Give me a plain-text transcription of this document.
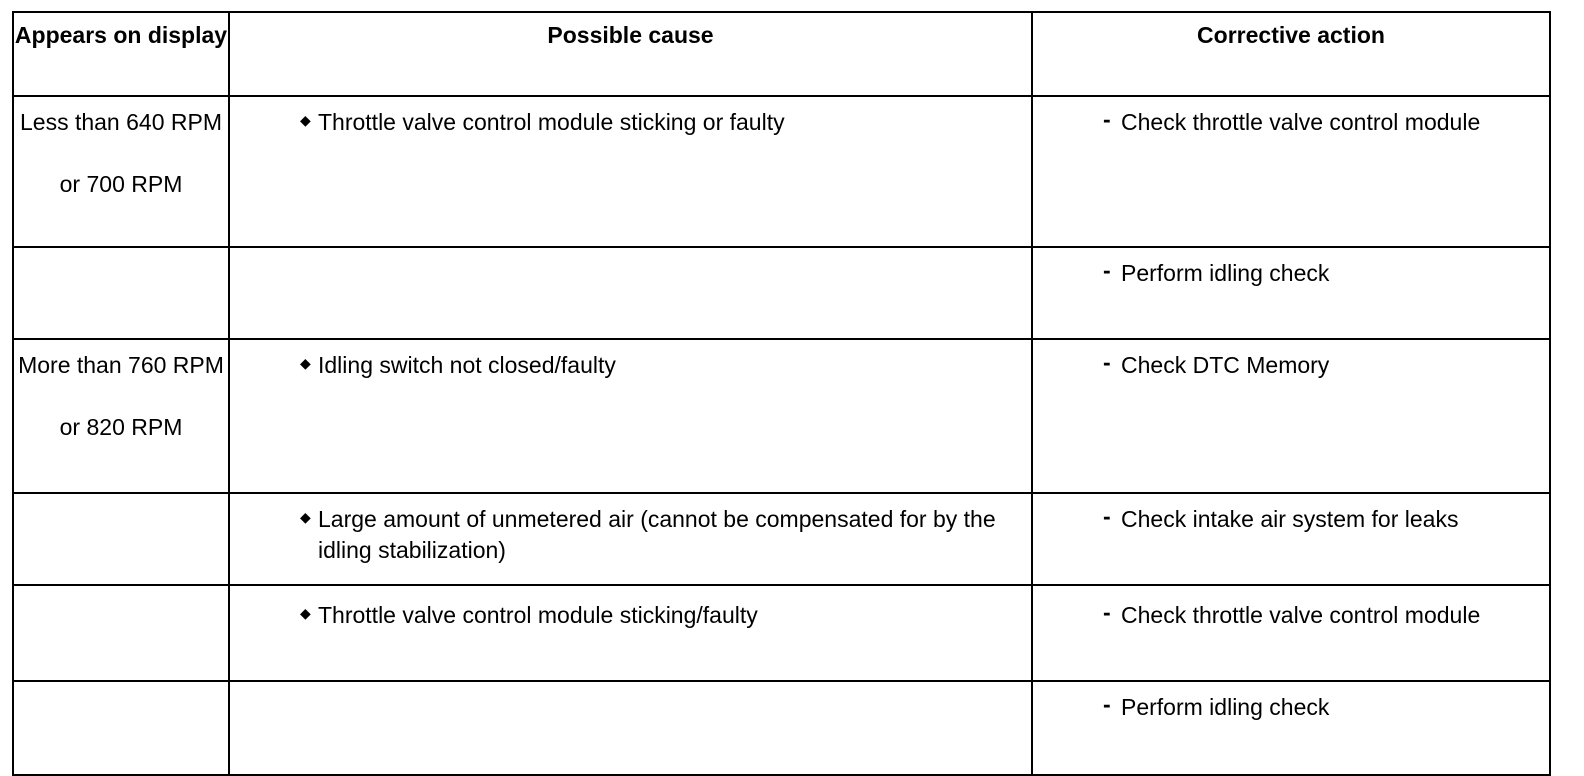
Appears on display	Possible cause	Corrective action
Less than 640 RPM
or 700 RPM	◆ Throttle valve control module sticking or faulty	- Check throttle valve control module

		- Perform idling check

More than 760 RPM
or 820 RPM	◆ Idling switch not closed/faulty	- Check DTC Memory

	◆ Large amount of unmetered air (cannot be compensated for by the idling stabilization)	- Check intake air system for leaks

	◆ Throttle valve control module sticking/faulty	- Check throttle valve control module

		- Perform idling check
